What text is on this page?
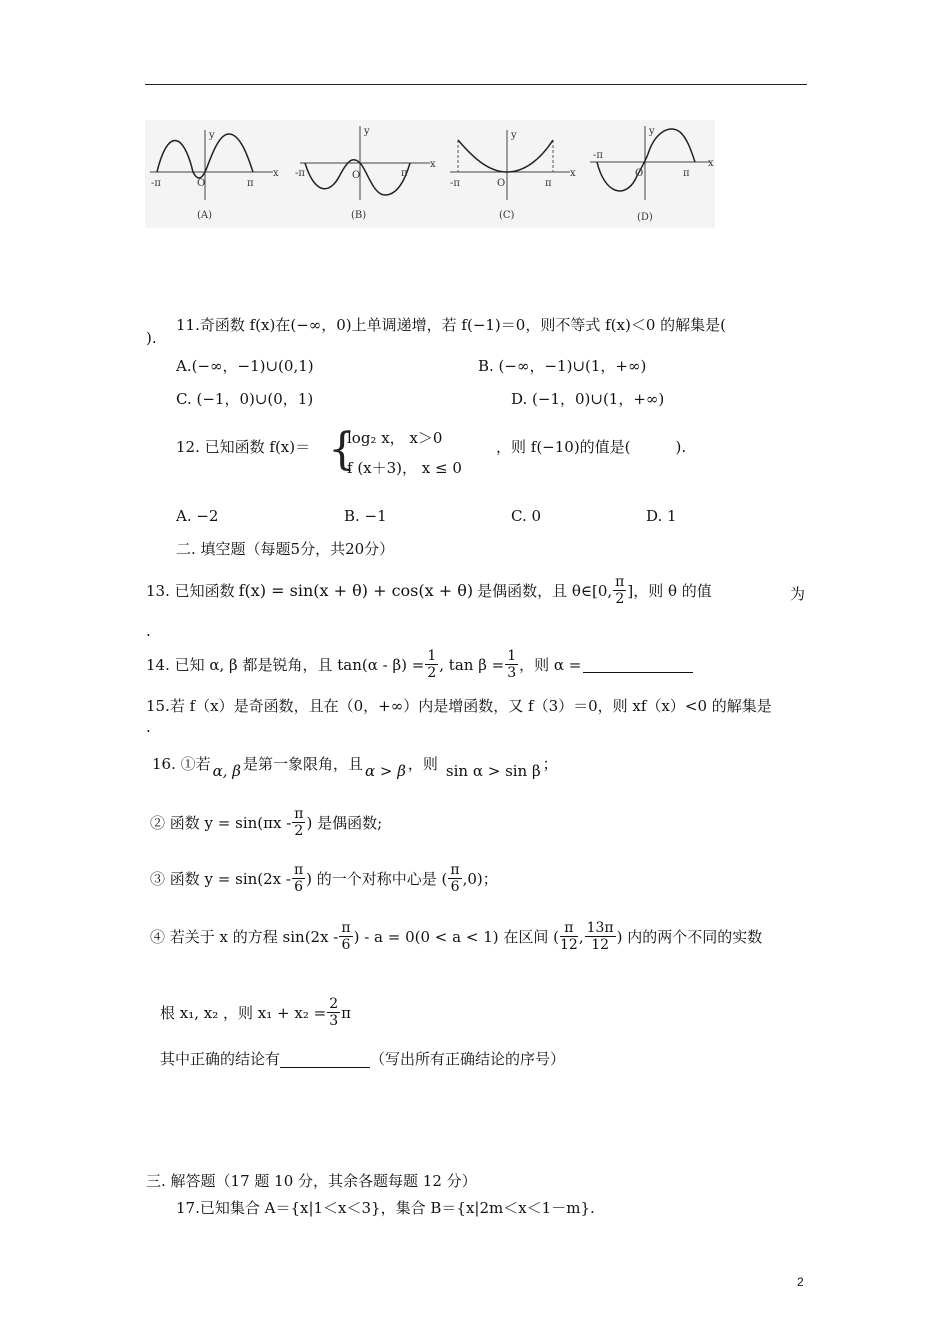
x
y
O
-π	π
(A)
x
y
O
-π	π
(B)
x
y
O
-π	π
(C)
x
y
O
-π
π
(D)
11.奇函数 f(x)在(−∞，0)上单调递增，若 f(−1)＝0，则不等式 f(x)＜0 的解集是(
).
A.(−∞，−1)∪(0,1)	B. (−∞，−1)∪(1，+∞)
C. (−1，0)∪(0，1)	D. (−1，0)∪(1，+∞)
12. 已知函数 f(x)＝ {
log₂ x， x＞0
f (x＋3)， x ≤ 0
，则 f(−10)的值是(　　　).
A. −2	B. −1	C. 0	D. 1
二. 填空题（每题5分，共20分）
13. 已知函数 f(x) = sin(x + θ) + cos(x + θ) 是偶函数，且 θ∈[0, $\frac{\pi}{2}$ ]，则 θ 的值	为
.
14. 已知 α, β 都是锐角，且 $\tan(\alpha - \beta) = \frac{1}{2}$ , $\tan \beta = \frac{1}{3}$ ，则 α =
15.若 f（x）是奇函数，且在（0，+∞）内是增函数，又 f（3）＝0，则 xf（x）<0 的解集是
.
16. ①若 α, β 是第一象限角，且 α > β ，则 sin α > sin β ；
② 函数 $y = \sin(\pi x - \frac{\pi}{2}$ ) 是偶函数;
③ 函数 $y = \sin(2x - \frac{\pi}{6}$ ) 的一个对称中心是 ( $\frac{\pi}{6} ,0$)；
④ 若关于 x 的方程 $\sin(2x - \frac{\pi}{6}$ ) - a = 0(0 < a < 1) 在区间 ( $\frac{\pi}{12}$ , $\frac{13\pi}{12}$ ) 内的两个不同的实数
根 x₁, x₂ ，则 $x_1 + x_2 = \frac{2}{3}$ π
其中正确的结论有	（写出所有正确结论的序号）
三. 解答题（17 题 10 分，其余各题每题 12 分）
17.已知集合 A＝{x|1＜x＜3}，集合 B＝{x|2m＜x＜1－m}.
2
